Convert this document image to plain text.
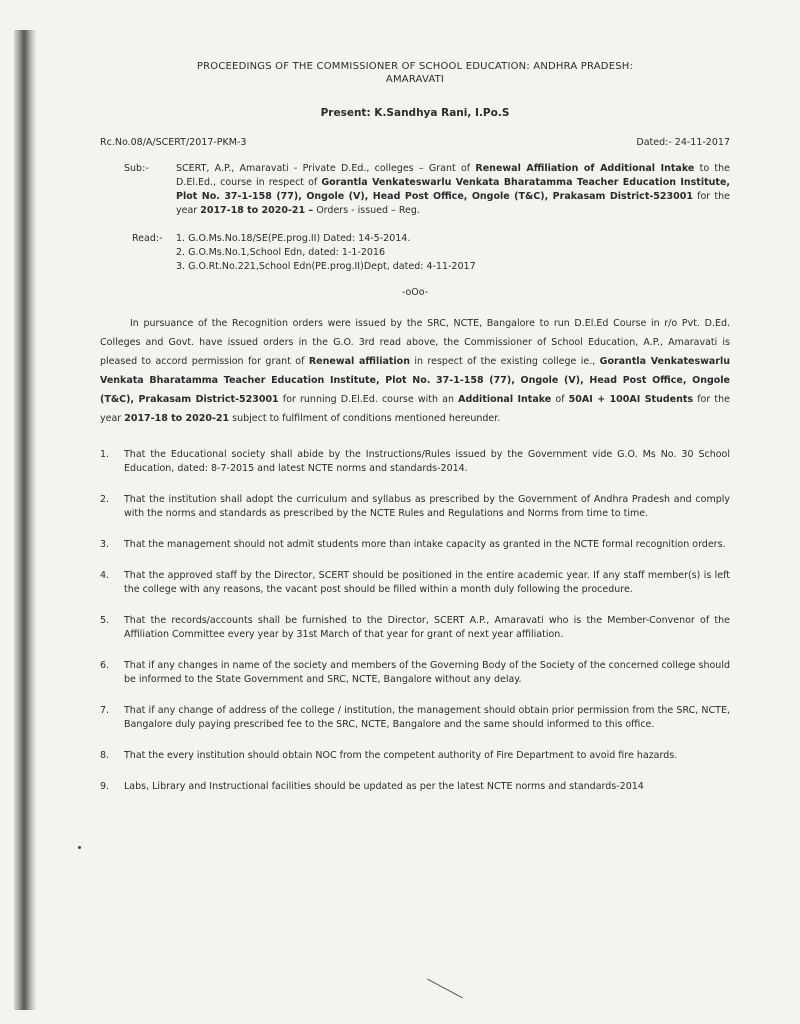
PROCEEDINGS OF THE COMMISSIONER OF SCHOOL EDUCATION: ANDHRA PRADESH:
AMARAVATI
Present: K.Sandhya Rani, I.Po.S
Rc.No.08/A/SCERT/2017-PKM-3	Dated:- 24-11-2017
Sub:-	SCERT, A.P., Amaravati - Private D.Ed., colleges – Grant of Renewal Affiliation of Additional Intake to the D.El.Ed., course in respect of Gorantla Venkateswarlu Venkata Bharatamma Teacher Education Institute, Plot No. 37-1-158 (77), Ongole (V), Head Post Office, Ongole (T&C), Prakasam District-523001 for the year 2017-18 to 2020-21 – Orders - issued – Reg.
Read:-	1. G.O.Ms.No.18/SE(PE.prog.II) Dated: 14-5-2014.
2. G.O.Ms.No.1,School Edn, dated: 1-1-2016
3. G.O.Rt.No.221,School Edn(PE.prog.II)Dept, dated: 4-11-2017
-oOo-
In pursuance of the Recognition orders were issued by the SRC, NCTE, Bangalore to run D.El.Ed Course in r/o Pvt. D.Ed. Colleges and Govt. have issued orders in the G.O. 3rd read above, the Commissioner of School Education, A.P., Amaravati is pleased to accord permission for grant of Renewal affiliation in respect of the existing college ie., Gorantla Venkateswarlu Venkata Bharatamma Teacher Education Institute, Plot No. 37-1-158 (77), Ongole (V), Head Post Office, Ongole (T&C), Prakasam District-523001 for running D.El.Ed. course with an Additional Intake of 50AI + 100AI Students for the year 2017-18 to 2020-21 subject to fulfilment of conditions mentioned hereunder.
1.	That the Educational society shall abide by the Instructions/Rules issued by the Government vide G.O. Ms No. 30 School Education, dated: 8-7-2015 and latest NCTE norms and standards-2014.
2.	That the institution shall adopt the curriculum and syllabus as prescribed by the Government of Andhra Pradesh and comply with the norms and standards as prescribed by the NCTE Rules and Regulations and Norms from time to time.
3.	That the management should not admit students more than intake capacity as granted in the NCTE formal recognition orders.
4.	That the approved staff by the Director, SCERT should be positioned in the entire academic year. If any staff member(s) is left the college with any reasons, the vacant post should be filled within a month duly following the procedure.
5.	That the records/accounts shall be furnished to the Director, SCERT A.P., Amaravati who is the Member-Convenor of the Affiliation Committee every year by 31st March of that year for grant of next year affiliation.
6.	That if any changes in name of the society and members of the Governing Body of the Society of the concerned college should be informed to the State Government and SRC, NCTE, Bangalore without any delay.
7.	That if any change of address of the college / institution, the management should obtain prior permission from the SRC, NCTE, Bangalore duly paying prescribed fee to the SRC, NCTE, Bangalore and the same should informed to this office.
8.	That the every institution should obtain NOC from the competent authority of Fire Department to avoid fire hazards.
9.	Labs, Library and Instructional facilities should be updated as per the latest NCTE norms and standards-2014
